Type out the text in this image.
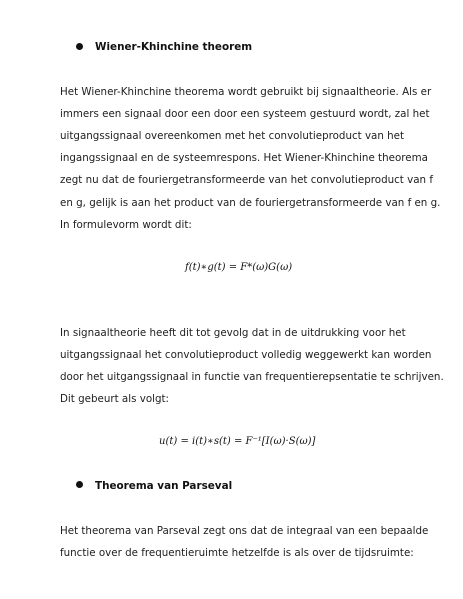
Wiener-Khinchine theorem
Het Wiener-Khinchine theorema wordt gebruikt bij signaaltheorie. Als er
immers een signaal door een door een systeem gestuurd wordt, zal het
uitgangssignaal overeenkomen met het convolutieproduct van het
ingangssignaal en de systeemrespons. Het Wiener-Khinchine theorema
zegt nu dat de fouriergetransformeerde van het convolutieproduct van f
en g, gelijk is aan het product van de fouriergetransformeerde van f en g.
In formulevorm wordt dit:
f(t)∗g(t) = F*(ω)G(ω)
In signaaltheorie heeft dit tot gevolg dat in de uitdrukking voor het
uitgangssignaal het convolutieproduct volledig weggewerkt kan worden
door het uitgangssignaal in functie van frequentierepsentatie te schrijven.
Dit gebeurt als volgt:
u(t) = i(t)∗s(t) = F⁻¹[I(ω)·S(ω)]
Theorema van Parseval
Het theorema van Parseval zegt ons dat de integraal van een bepaalde
functie over de frequentieruimte hetzelfde is als over de tijdsruimte:
